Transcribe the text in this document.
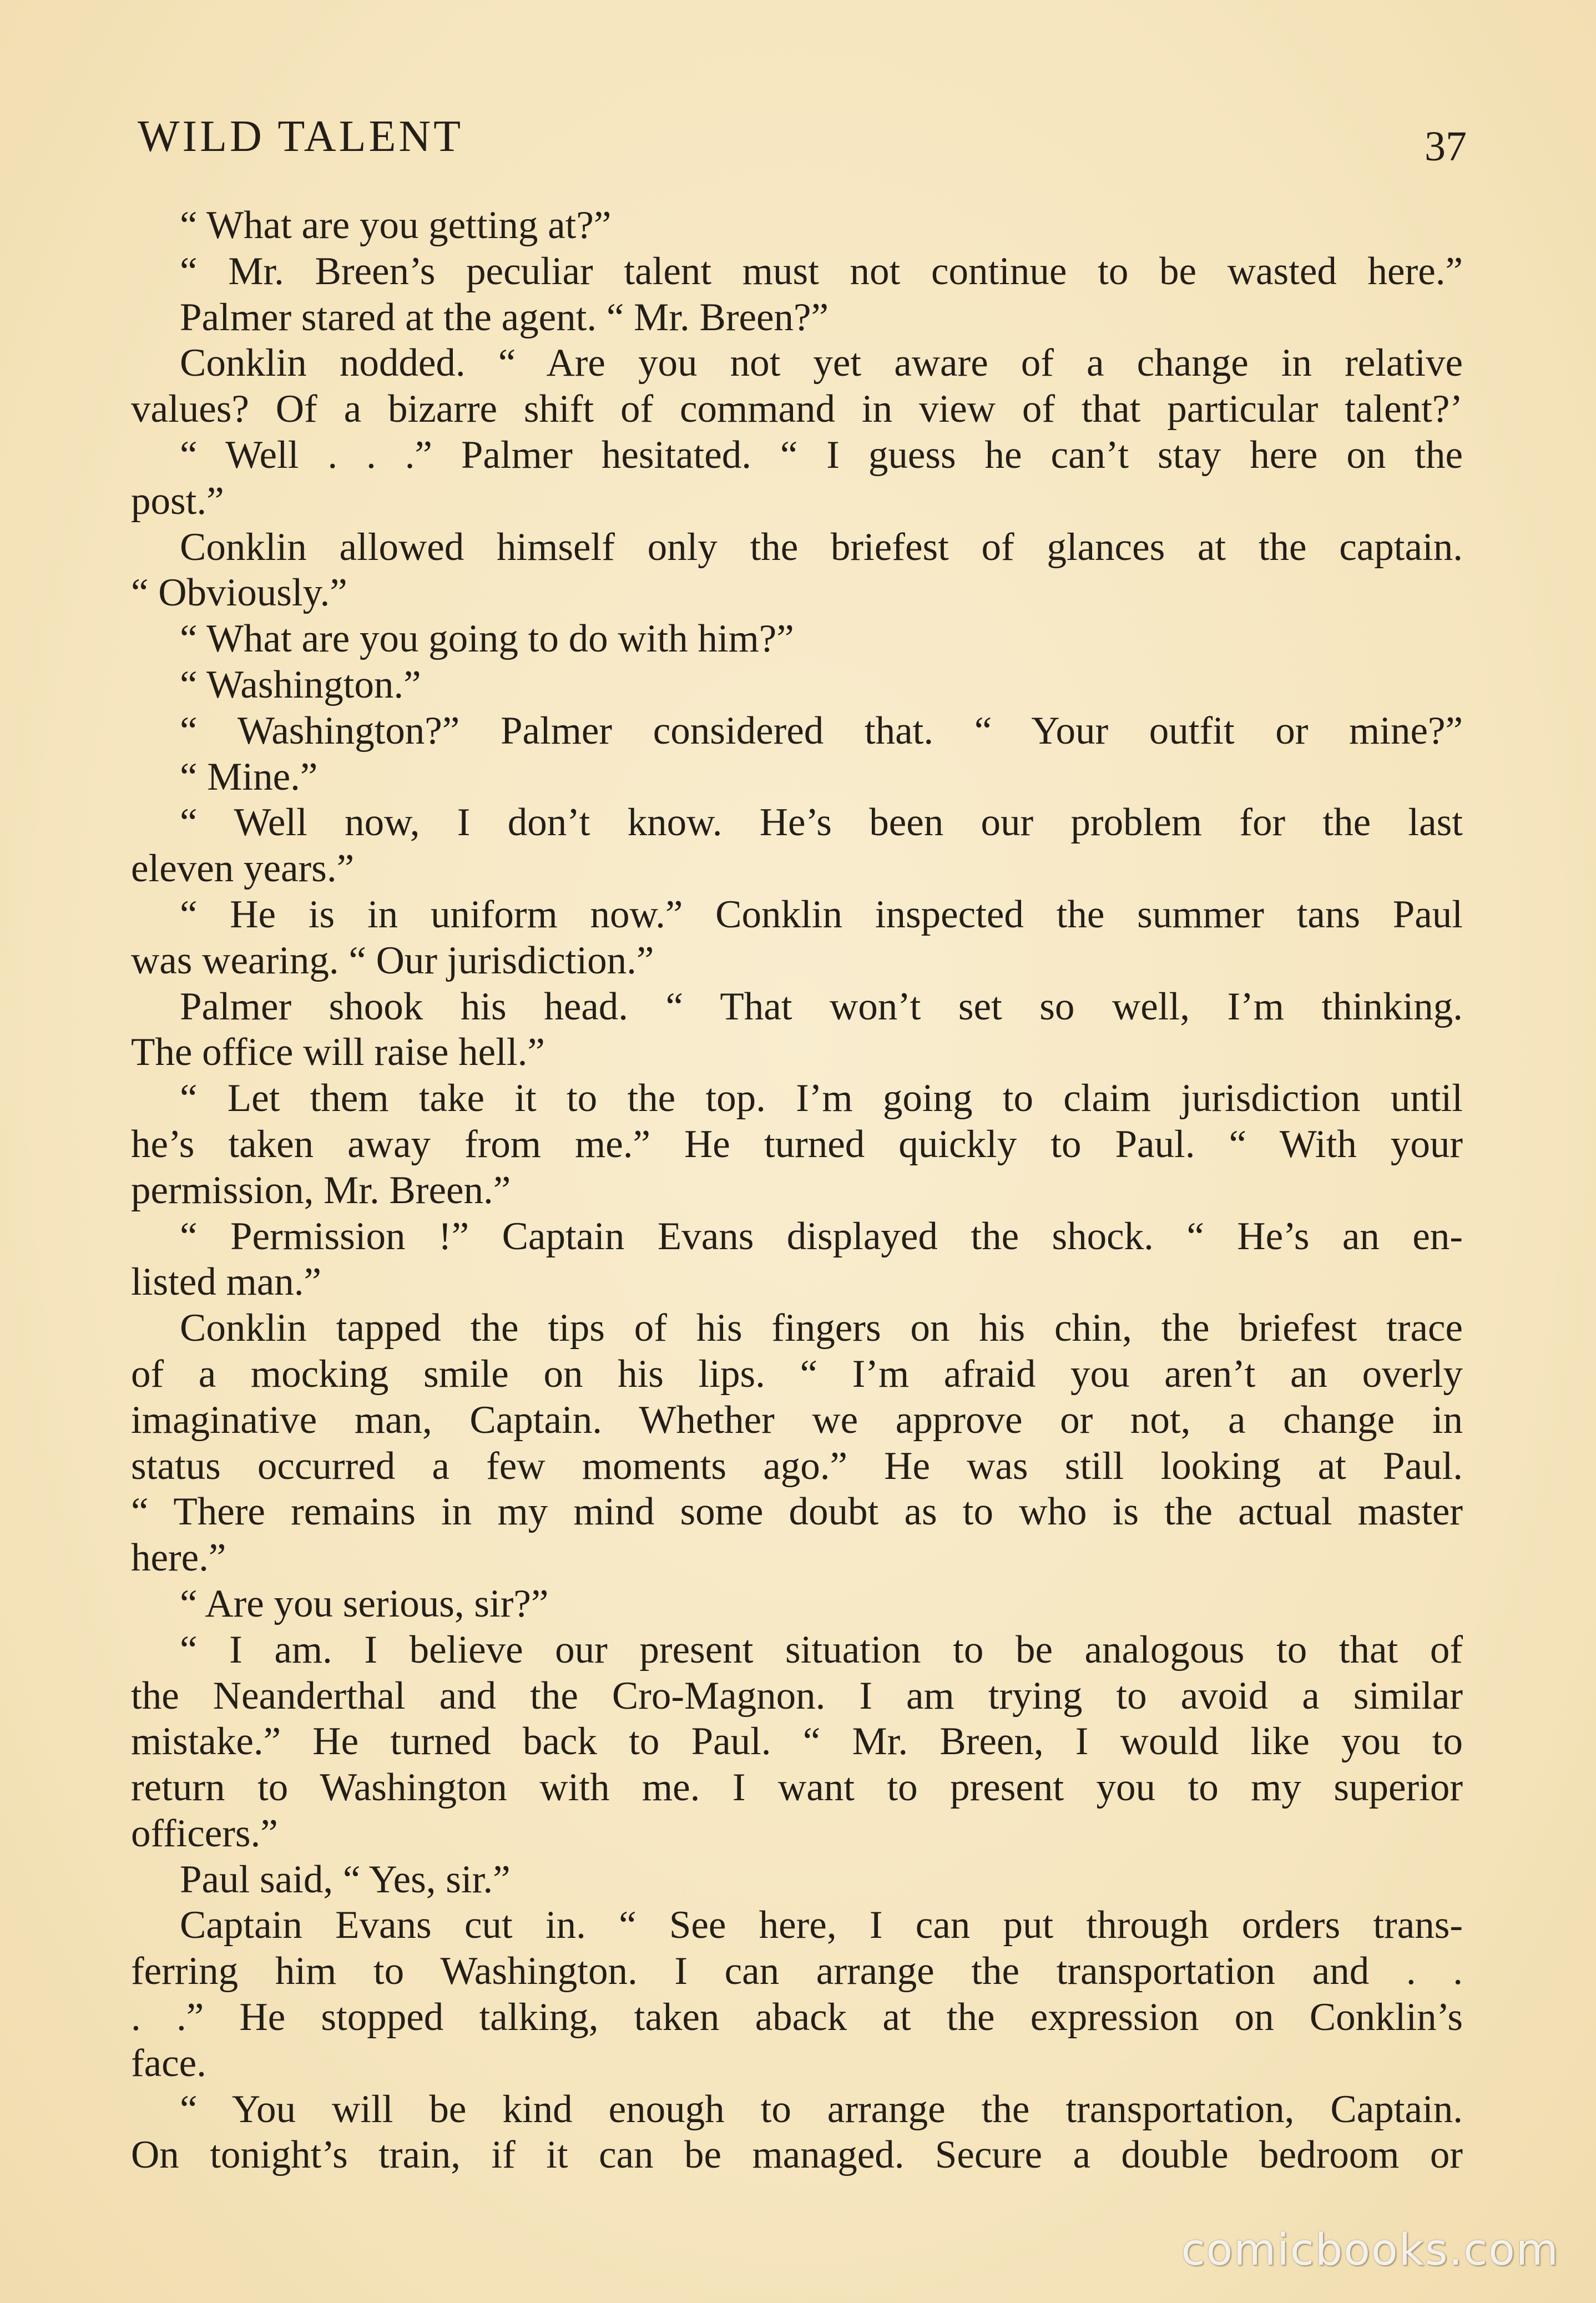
WILD TALENT	37
“ What are you getting at?”
“ Mr. Breen’s peculiar talent must not continue to be wasted here.”
Palmer stared at the agent. “ Mr. Breen?”
Conklin nodded. “ Are you not yet aware of a change in relative
values? Of a bizarre shift of command in view of that particular talent?’
“ Well . . .” Palmer hesitated. “ I guess he can’t stay here on the
post.”
Conklin allowed himself only the briefest of glances at the captain.
“ Obviously.”
“ What are you going to do with him?”
“ Washington.”
“ Washington?” Palmer considered that. “ Your outfit or mine?”
“ Mine.”
“ Well now, I don’t know. He’s been our problem for the last
eleven years.”
“ He is in uniform now.” Conklin inspected the summer tans Paul
was wearing. “ Our jurisdiction.”
Palmer shook his head. “ That won’t set so well, I’m thinking.
The office will raise hell.”
“ Let them take it to the top. I’m going to claim jurisdiction until
he’s taken away from me.” He turned quickly to Paul. “ With your
permission, Mr. Breen.”
“ Permission !” Captain Evans displayed the shock. “ He’s an en-
listed man.”
Conklin tapped the tips of his fingers on his chin, the briefest trace
of a mocking smile on his lips. “ I’m afraid you aren’t an overly
imaginative man, Captain. Whether we approve or not, a change in
status occurred a few moments ago.” He was still looking at Paul.
“ There remains in my mind some doubt as to who is the actual master
here.”
“ Are you serious, sir?”
“ I am. I believe our present situation to be analogous to that of
the Neanderthal and the Cro-Magnon. I am trying to avoid a similar
mistake.” He turned back to Paul. “ Mr. Breen, I would like you to
return to Washington with me. I want to present you to my superior
officers.”
Paul said, “ Yes, sir.”
Captain Evans cut in. “ See here, I can put through orders trans-
ferring him to Washington. I can arrange the transportation and . .
. .” He stopped talking, taken aback at the expression on Conklin’s
face.
“ You will be kind enough to arrange the transportation, Captain.
On tonight’s train, if it can be managed. Secure a double bedroom or
comicbooks.com
